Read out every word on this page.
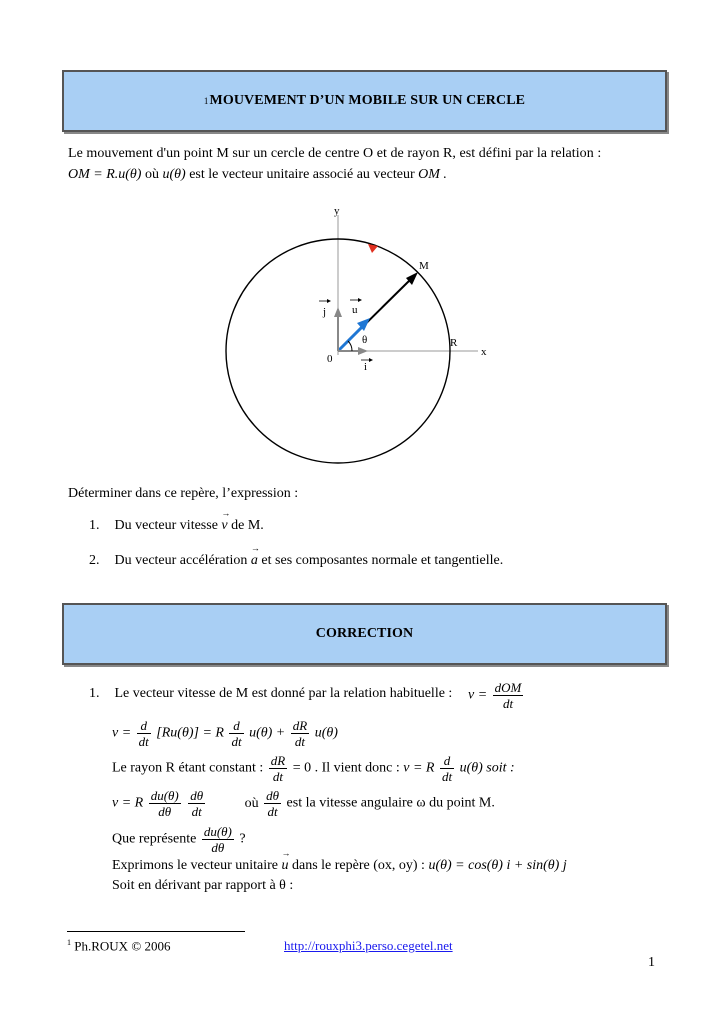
1 MOUVEMENT D’UN MOBILE SUR UN CERCLE
Le mouvement d'un point M sur un cercle de centre O et de rayon R, est défini par la relation :
OM = R.u(θ) où u(θ) est le vecteur unitaire associé au vecteur OM .
y
x
M
R
0
i
j u
θ
Déterminer dans ce repère, l’expression :
1. Du vecteur vitesse → v de M.
2. Du vecteur accélération → a et ses composantes normale et tangentielle.
CORRECTION
1. Le vecteur vitesse de M est donné par la relation habituelle : $v = \frac{\text{dOM}}{dt}$
$v = \frac{d}{dt} [Ru(\theta)] = R \frac{d}{dt} u(\theta) + \frac{dR}{dt} u(\theta)$
Le rayon R étant constant : $\frac{dR}{dt} = 0$ . Il vient donc : v = R $\frac{d}{dt} u(\theta)$ soit :
v = R $\frac{du(\theta)}{d\theta}$
$\frac{d\theta}{dt}$	où $\frac{d\theta}{dt}$ est la vitesse angulaire ω du point M.
Que représente $\frac{du(\theta)}{d\theta}$ ?
Exprimons le vecteur unitaire → u dans le repère (ox, oy) : u(θ) = cos(θ) i + sin(θ) j
Soit en dérivant par rapport à θ :
$^1$ Ph.ROUX © 2006	http://rouxphi3.perso.cegetel.net
1
